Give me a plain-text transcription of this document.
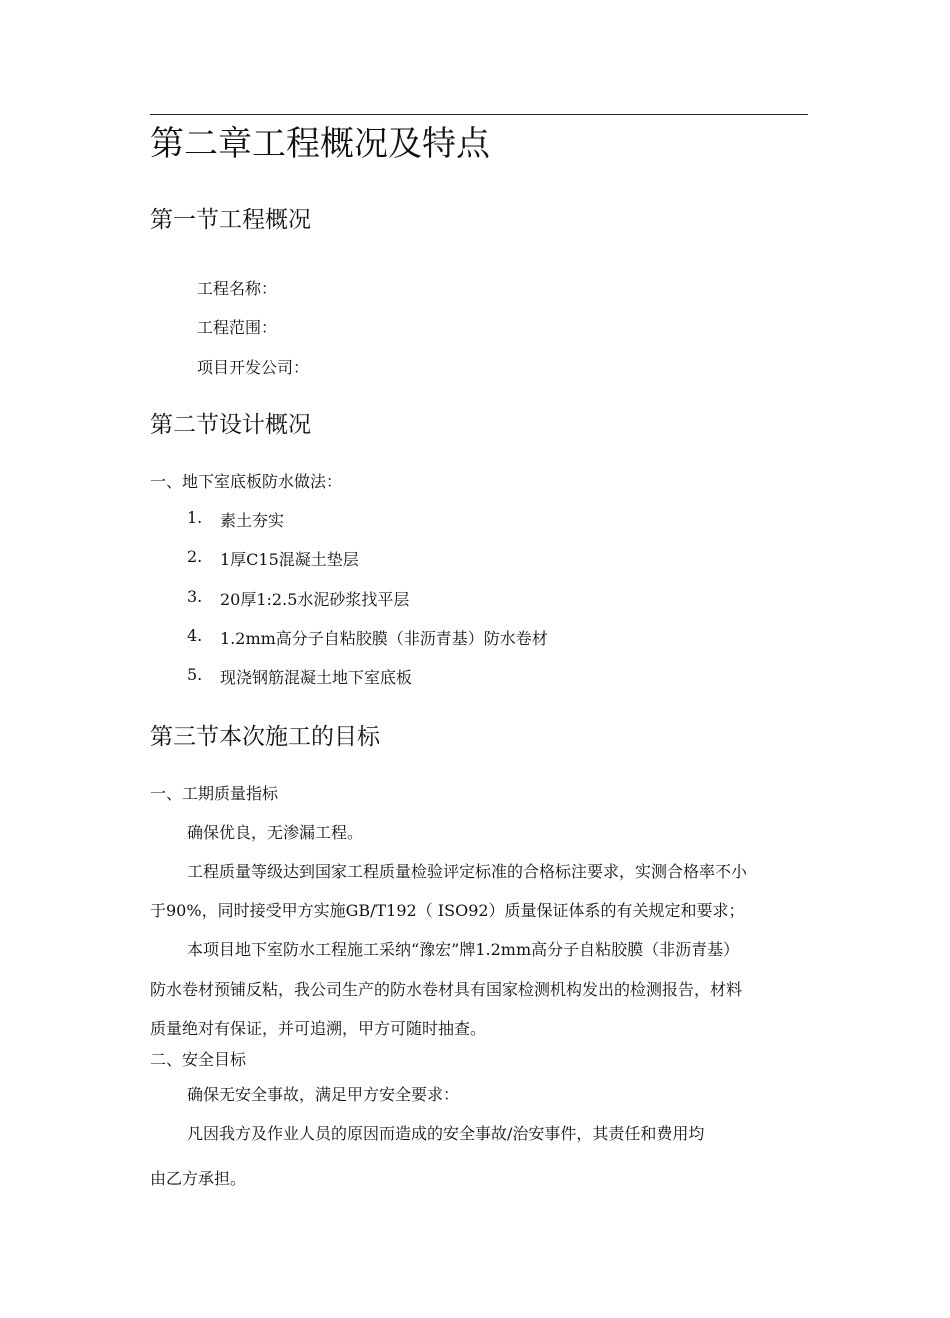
第二章工程概况及特点
第一节工程概况
工程名称：
工程范围：
项目开发公司：
第二节设计概况
一、地下室底板防水做法：
1. 素土夯实
2. 1厚C15混凝土垫层
3. 20厚1:2.5水泥砂浆找平层
4. 1.2mm高分子自粘胶膜（非沥青基）防水卷材
5. 现浇钢筋混凝土地下室底板
第三节本次施工的目标
一、工期质量指标
确保优良，无渗漏工程。
工程质量等级达到国家工程质量检验评定标准的合格标注要求，实测合格率不小
于90%，同时接受甲方实施GB/T192（ ISO92）质量保证体系的有关规定和要求；
本项目地下室防水工程施工采纳“豫宏”牌1.2mm高分子自粘胶膜（非沥青基）
防水卷材预铺反粘，我公司生产的防水卷材具有国家检测机构发出的检测报告，材料
质量绝对有保证，并可追溯，甲方可随时抽查。
二、安全目标
确保无安全事故，满足甲方安全要求：
凡因我方及作业人员的原因而造成的安全事故/治安事件，其责任和费用均
由乙方承担。
